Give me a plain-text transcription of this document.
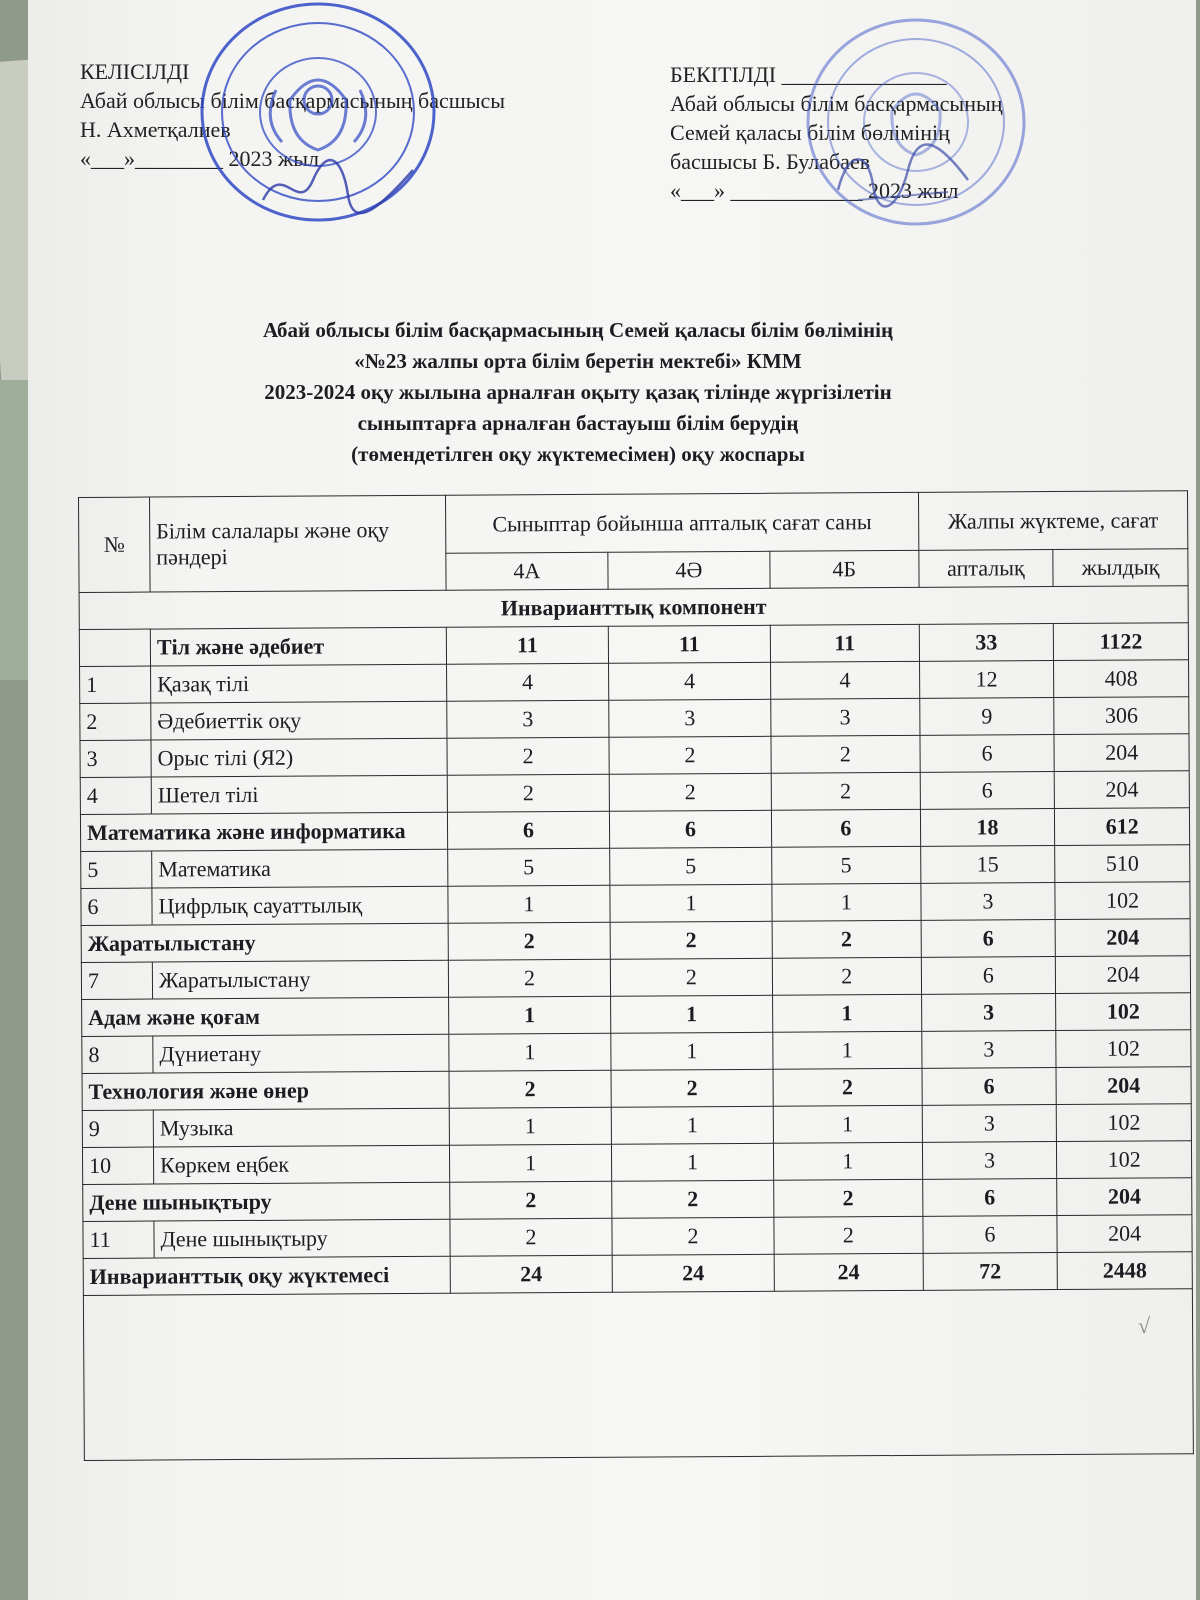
КЕЛІСІЛДІ
Абай облысы білім басқармасының басшысы
Н. Ахметқалиев
«___»________ 2023 жыл
БЕКІТІЛДІ _______________
Абай облысы білім басқармасының
Семей қаласы білім бөлімінің
басшысы Б. Булабаев
«___» ____________ 2023 жыл
Абай облысы білім басқармасының Семей қаласы білім бөлімінің
«№23 жалпы орта білім беретін мектебі» КММ
2023-2024 оқу жылына арналған оқыту қазақ тілінде жүргізілетін
сыныптарға арналған бастауыш білім берудің
(төмендетілген оқу жүктемесімен) оқу жоспары
№	Білім салалары және оқу пәндері	Сыныптар бойынша апталық сағат саны			Жалпы жүктеме, сағат	
		4А	4Ә	4Б	апталық	жылдық
Инварианттық компонент						
	Тіл және әдебиет	11	11	11	33	1122
1	Қазақ тілі	4	4	4	12	408
2	Әдебиеттік оқу	3	3	3	9	306
3	Орыс тілі (Я2)	2	2	2	6	204
4	Шетел тілі	2	2	2	6	204
Математика және информатика		6	6	6	18	612
5	Математика	5	5	5	15	510
6	Цифрлық сауаттылық	1	1	1	3	102
Жаратылыстану		2	2	2	6	204
7	Жаратылыстану	2	2	2	6	204
Адам және қоғам		1	1	1	3	102
8	Дүниетану	1	1	1	3	102
Технология және өнер		2	2	2	6	204
9	Музыка	1	1	1	3	102
10	Көркем еңбек	1	1	1	3	102
Дене шынықтыру		2	2	2	6	204
11	Дене шынықтыру	2	2	2	6	204
Инварианттық оқу жүктемесі		24	24	24	72	2448

√
